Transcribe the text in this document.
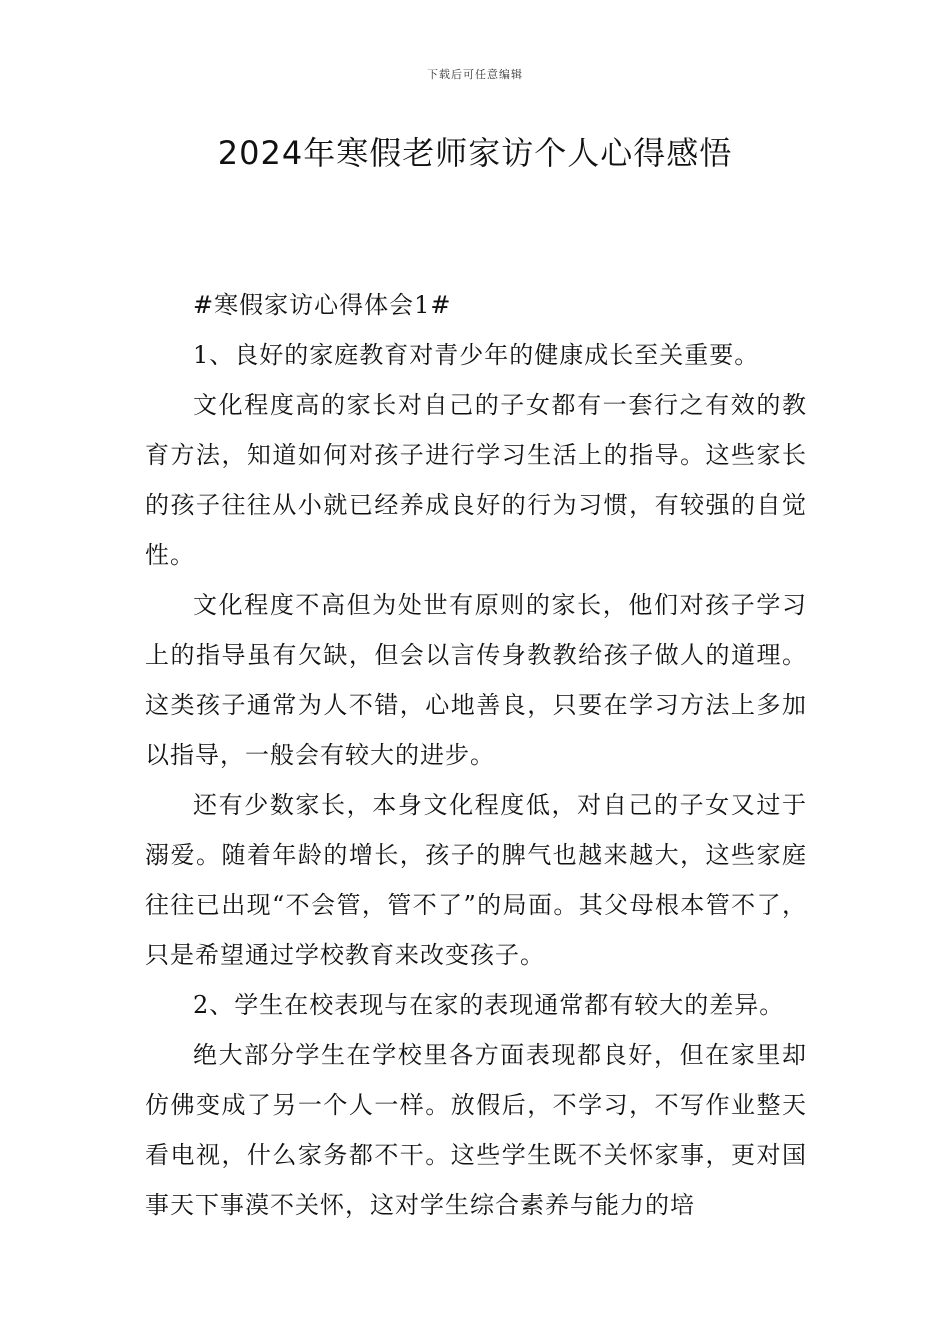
下载后可任意编辑
2024年寒假老师家访个人心得感悟

#寒假家访心得体会1#

1、良好的家庭教育对青少年的健康成长至关重要。

文化程度高的家长对自己的子女都有一套行之有效的教育方法，知道如何对孩子进行学习生活上的指导。这些家长的孩子往往从小就已经养成良好的行为习惯，有较强的自觉性。

文化程度不高但为处世有原则的家长，他们对孩子学习上的指导虽有欠缺，但会以言传身教教给孩子做人的道理。这类孩子通常为人不错，心地善良，只要在学习方法上多加以指导，一般会有较大的进步。

还有少数家长，本身文化程度低，对自己的子女又过于溺爱。随着年龄的增长，孩子的脾气也越来越大，这些家庭往往已出现“不会管，管不了”的局面。其父母根本管不了，只是希望通过学校教育来改变孩子。

2、学生在校表现与在家的表现通常都有较大的差异。

绝大部分学生在学校里各方面表现都良好，但在家里却仿佛变成了另一个人一样。放假后，不学习，不写作业整天看电视，什么家务都不干。这些学生既不关怀家事，更对国事天下事漠不关怀，这对学生综合素养与能力的培
